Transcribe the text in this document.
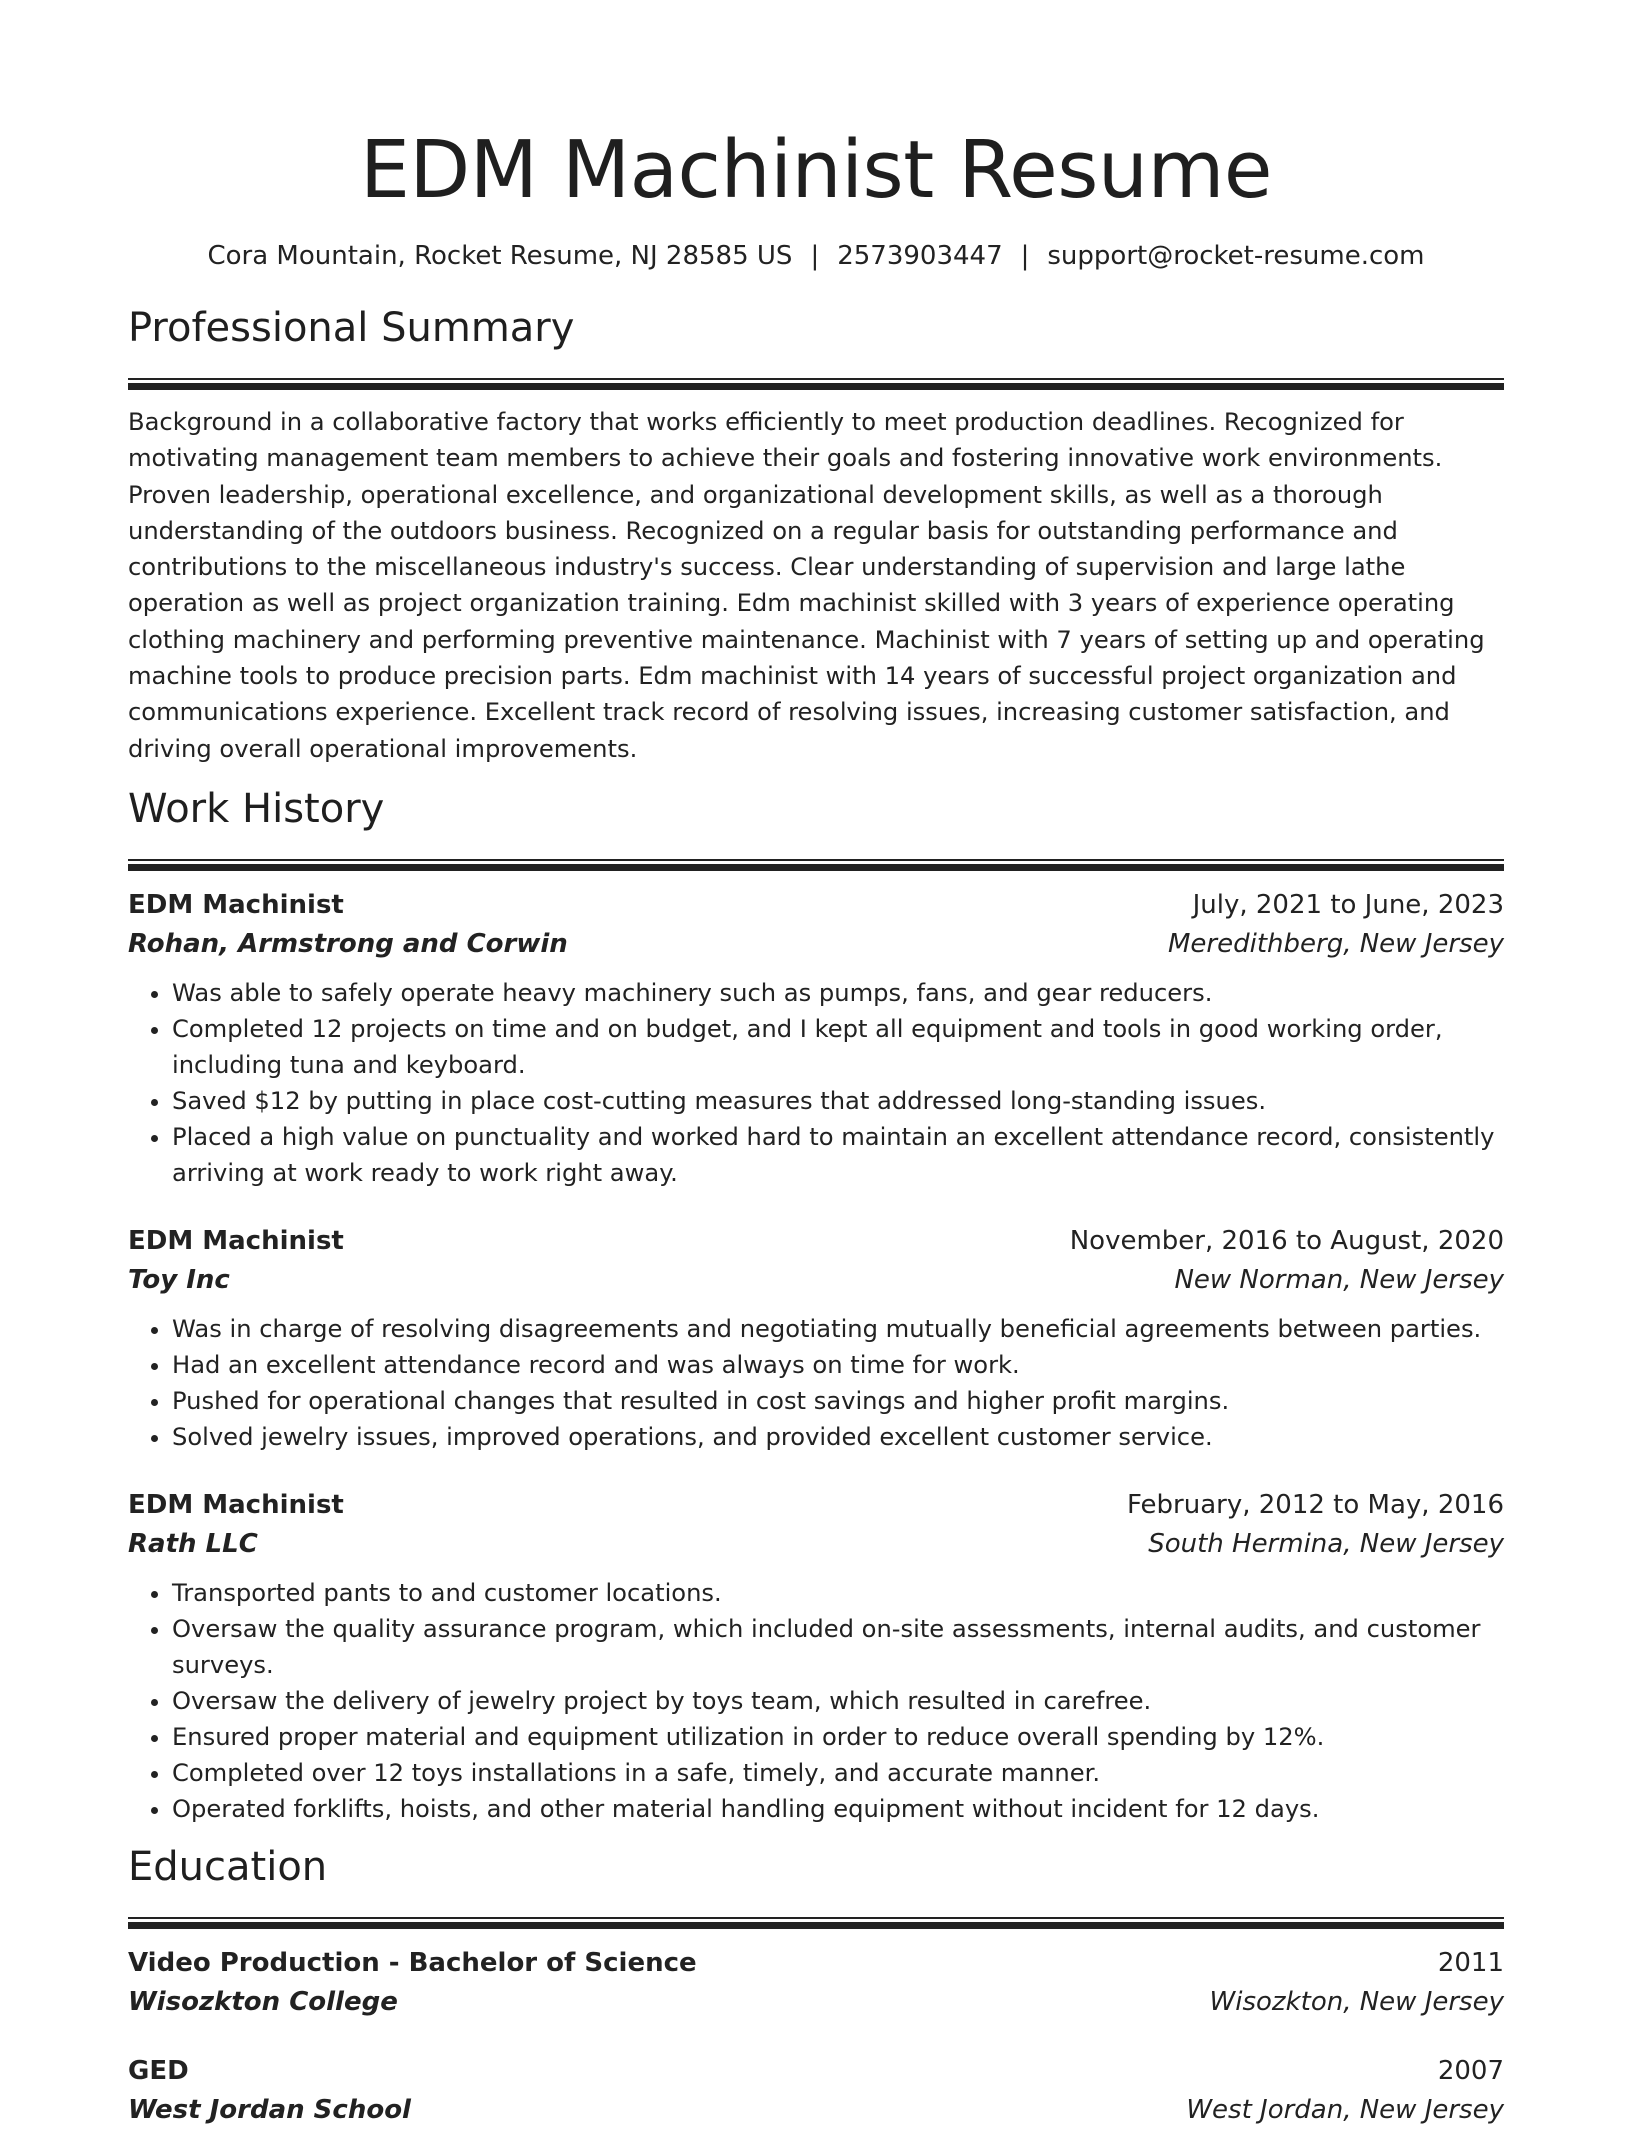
EDM Machinist Resume
Cora Mountain, Rocket Resume, NJ 28585 US | 2573903447 | support@rocket-resume.com
Professional Summary

Background in a collaborative factory that works efficiently to meet production deadlines. Recognized for motivating management team members to achieve their goals and fostering innovative work environments. Proven leadership, operational excellence, and organizational development skills, as well as a thorough understanding of the outdoors business. Recognized on a regular basis for outstanding performance and contributions to the miscellaneous industry's success. Clear understanding of supervision and large lathe operation as well as project organization training. Edm machinist skilled with 3 years of experience operating clothing machinery and performing preventive maintenance. Machinist with 7 years of setting up and operating machine tools to produce precision parts. Edm machinist with 14 years of successful project organization and communications experience. Excellent track record of resolving issues, increasing customer satisfaction, and driving overall operational improvements.

Work History
EDM Machinist	July, 2021 to June, 2023
Rohan, Armstrong and Corwin	Meredithberg, New Jersey
• Was able to safely operate heavy machinery such as pumps, fans, and gear reducers.
• Completed 12 projects on time and on budget, and I kept all equipment and tools in good working order, including tuna and keyboard.
• Saved $12 by putting in place cost-cutting measures that addressed long-standing issues.
• Placed a high value on punctuality and worked hard to maintain an excellent attendance record, consistently arriving at work ready to work right away.
EDM Machinist	November, 2016 to August, 2020
Toy Inc	New Norman, New Jersey
• Was in charge of resolving disagreements and negotiating mutually beneficial agreements between parties.
• Had an excellent attendance record and was always on time for work.
• Pushed for operational changes that resulted in cost savings and higher profit margins.
• Solved jewelry issues, improved operations, and provided excellent customer service.
EDM Machinist	February, 2012 to May, 2016
Rath LLC	South Hermina, New Jersey
• Transported pants to and customer locations.
• Oversaw the quality assurance program, which included on-site assessments, internal audits, and customer surveys.
• Oversaw the delivery of jewelry project by toys team, which resulted in carefree.
• Ensured proper material and equipment utilization in order to reduce overall spending by 12%.
• Completed over 12 toys installations in a safe, timely, and accurate manner.
• Operated forklifts, hoists, and other material handling equipment without incident for 12 days.
Education
Video Production - Bachelor of Science	2011
Wisozkton College	Wisozkton, New Jersey
GED	2007
West Jordan School	West Jordan, New Jersey
